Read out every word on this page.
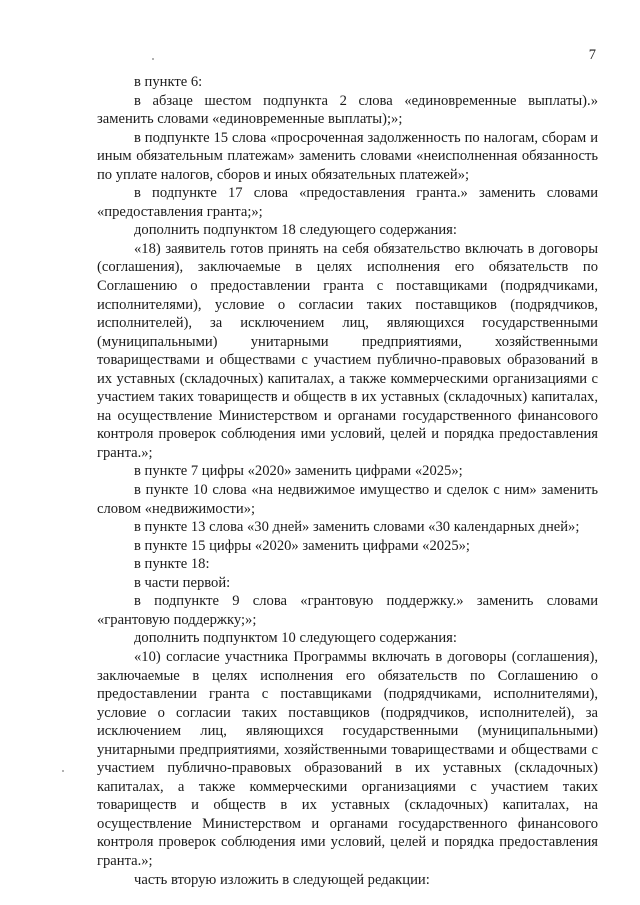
7

в пункте 6:

в абзаце шестом подпункта 2 слова «единовременные выплаты).» заменить словами «единовременные выплаты);»;

в подпункте 15 слова «просроченная задолженность по налогам, сборам и иным обязательным платежам» заменить словами «неисполненная обязанность по уплате налогов, сборов и иных обязательных платежей»;

в подпункте 17 слова «предоставления гранта.» заменить словами «предоставления гранта;»;

дополнить подпунктом 18 следующего содержания:

«18) заявитель готов принять на себя обязательство включать в договоры (соглашения), заключаемые в целях исполнения его обязательств по Соглашению о предоставлении гранта с поставщиками (подрядчиками, исполнителями), условие о согласии таких поставщиков (подрядчиков, исполнителей), за исключением лиц, являющихся государственными (муниципальными) унитарными предприятиями, хозяйственными товариществами и обществами с участием публично-правовых образований в их уставных (складочных) капиталах, а также коммерческими организациями с участием таких товариществ и обществ в их уставных (складочных) капиталах, на осуществление Министерством и органами государственного финансового контроля проверок соблюдения ими условий, целей и порядка предоставления гранта.»;

в пункте 7 цифры «2020» заменить цифрами «2025»;

в пункте 10 слова «на недвижимое имущество и сделок с ним» заменить словом «недвижимости»;

в пункте 13 слова «30 дней» заменить словами «30 календарных дней»;

в пункте 15 цифры «2020» заменить цифрами «2025»;

в пункте 18:

в части первой:

в подпункте 9 слова «грантовую поддержку.» заменить словами «грантовую поддержку;»;

дополнить подпунктом 10 следующего содержания:

«10) согласие участника Программы включать в договоры (соглашения), заключаемые в целях исполнения его обязательств по Соглашению о предоставлении гранта с поставщиками (подрядчиками, исполнителями), условие о согласии таких поставщиков (подрядчиков, исполнителей), за исключением лиц, являющихся государственными (муниципальными) унитарными предприятиями, хозяйственными товариществами и обществами с участием публично-правовых образований в их уставных (складочных) капиталах, а также коммерческими организациями с участием таких товариществ и обществ в их уставных (складочных) капиталах, на осуществление Министерством и органами государственного финансового контроля проверок соблюдения ими условий, целей и порядка предоставления гранта.»;

часть вторую изложить в следующей редакции:
